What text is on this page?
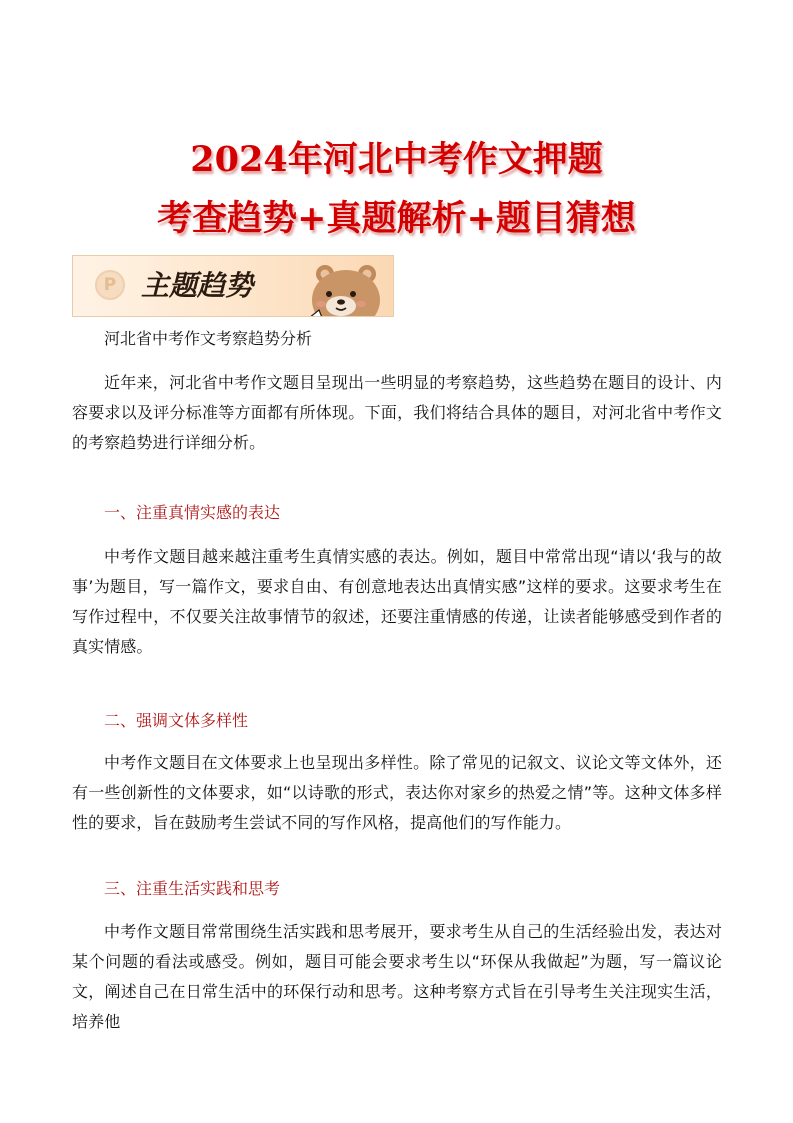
2024年河北中考作文押题
考查趋势+真题解析+题目猜想
P 主题趋势
河北省中考作文考察趋势分析
近年来，河北省中考作文题目呈现出一些明显的考察趋势，这些趋势在题目的设计、内容要求以及评分标准等方面都有所体现。下面，我们将结合具体的题目，对河北省中考作文的考察趋势进行详细分析。
一、注重真情实感的表达
中考作文题目越来越注重考生真情实感的表达。例如，题目中常常出现“请以‘我与的故事’为题目，写一篇作文，要求自由、有创意地表达出真情实感”这样的要求。这要求考生在写作过程中，不仅要关注故事情节的叙述，还要注重情感的传递，让读者能够感受到作者的真实情感。
二、强调文体多样性
中考作文题目在文体要求上也呈现出多样性。除了常见的记叙文、议论文等文体外，还有一些创新性的文体要求，如“以诗歌的形式，表达你对家乡的热爱之情”等。这种文体多样性的要求，旨在鼓励考生尝试不同的写作风格，提高他们的写作能力。
三、注重生活实践和思考
中考作文题目常常围绕生活实践和思考展开，要求考生从自己的生活经验出发，表达对某个问题的看法或感受。例如，题目可能会要求考生以“环保从我做起”为题，写一篇议论文，阐述自己在日常生活中的环保行动和思考。这种考察方式旨在引导考生关注现实生活，培养他
